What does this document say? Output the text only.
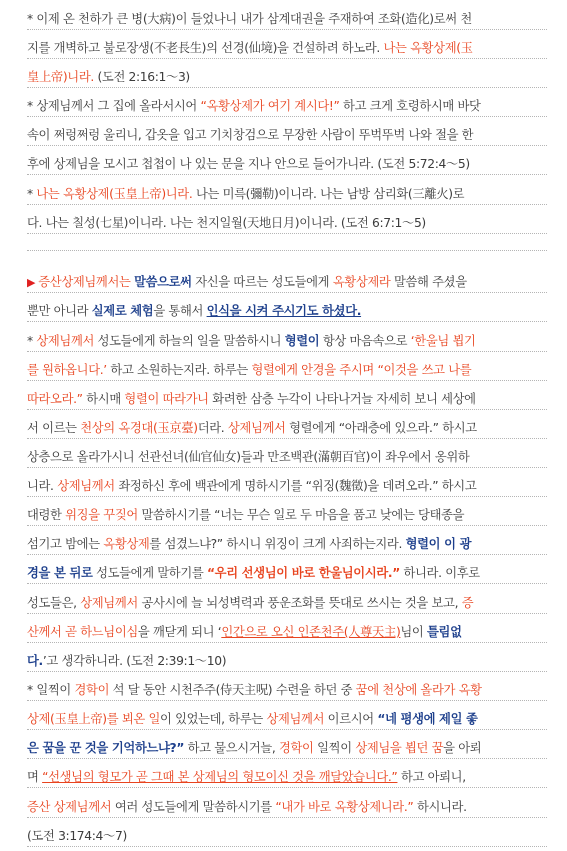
* 이제 온 천하가 큰 병(大病)이 들었나니 내가 삼계대권을 주재하여 조화(造化)로써 천
지를 개벽하고 불로장생(不老長生)의 선경(仙境)을 건설하려 하노라. 나는 옥황상제(玉
皇上帝)니라. (도전 2:16:1～3)
* 상제님께서 그 집에 올라서시어 “옥황상제가 여기 계시다!” 하고 크게 호령하시매 바닷
속이 쩌렁쩌렁 울리니, 갑옷을 입고 기치창검으로 무장한 사람이 뚜벅뚜벅 나와 절을 한
후에 상제님을 모시고 첩첩이 나 있는 문을 지나 안으로 들어가니라. (도전 5:72:4～5)
* 나는 옥황상제(玉皇上帝)니라. 나는 미륵(彌勒)이니라. 나는 남방 삼리화(三離火)로
다. 나는 칠성(七星)이니라. 나는 천지일월(天地日月)이니라. (도전 6:7:1～5)
▶ 증산상제님께서는 말씀으로써 자신을 따르는 성도들에게 옥황상제라 말씀해 주셨을
뿐만 아니라 실제로 체험을 통해서 인식을 시켜 주시기도 하셨다.
* 상제님께서 성도들에게 하늘의 일을 말씀하시니 형렬이 항상 마음속으로 ‘한울님 뵙기
를 원하옵니다.’ 하고 소원하는지라. 하루는 형렬에게 안경을 주시며 “이것을 쓰고 나를
따라오라.” 하시매 형렬이 따라가니 화려한 삼층 누각이 나타나거늘 자세히 보니 세상에
서 이르는 천상의 옥경대(玉京臺)더라. 상제님께서 형렬에게 “아래층에 있으라.” 하시고
상층으로 올라가시니 선관선녀(仙官仙女)들과 만조백관(滿朝百官)이 좌우에서 옹위하
니라. 상제님께서 좌정하신 후에 백관에게 명하시기를 “위징(魏徵)을 데려오라.” 하시고
대령한 위징을 꾸짖어 말씀하시기를 “너는 무슨 일로 두 마음을 품고 낮에는 당태종을
섬기고 밤에는 옥황상제를 섬겼느냐?” 하시니 위징이 크게 사죄하는지라. 형렬이 이 광
경을 본 뒤로 성도들에게 말하기를 “우리 선생님이 바로 한울님이시라.” 하니라. 이후로
성도들은, 상제님께서 공사시에 늘 뇌성벽력과 풍운조화를 뜻대로 쓰시는 것을 보고, 증
산께서 곧 하느님이심을 깨닫게 되니 ‘인간으로 오신 인존천주(人尊天主)님이 틀림없
다.’고 생각하니라. (도전 2:39:1～10)
* 일찍이 경학이 석 달 동안 시천주주(侍天主呪) 수련을 하던 중 꿈에 천상에 올라가 옥황
상제(玉皇上帝)를 뵈온 일이 있었는데, 하루는 상제님께서 이르시어 “네 평생에 제일 좋
은 꿈을 꾼 것을 기억하느냐?” 하고 물으시거늘, 경학이 일찍이 상제님을 뵙던 꿈을 아뢰
며 “선생님의 형모가 곧 그때 본 상제님의 형모이신 것을 깨달았습니다.” 하고 아뢰니,
증산 상제님께서 여러 성도들에게 말씀하시기를 “내가 바로 옥황상제니라.” 하시니라.
(도전 3:174:4～7)
